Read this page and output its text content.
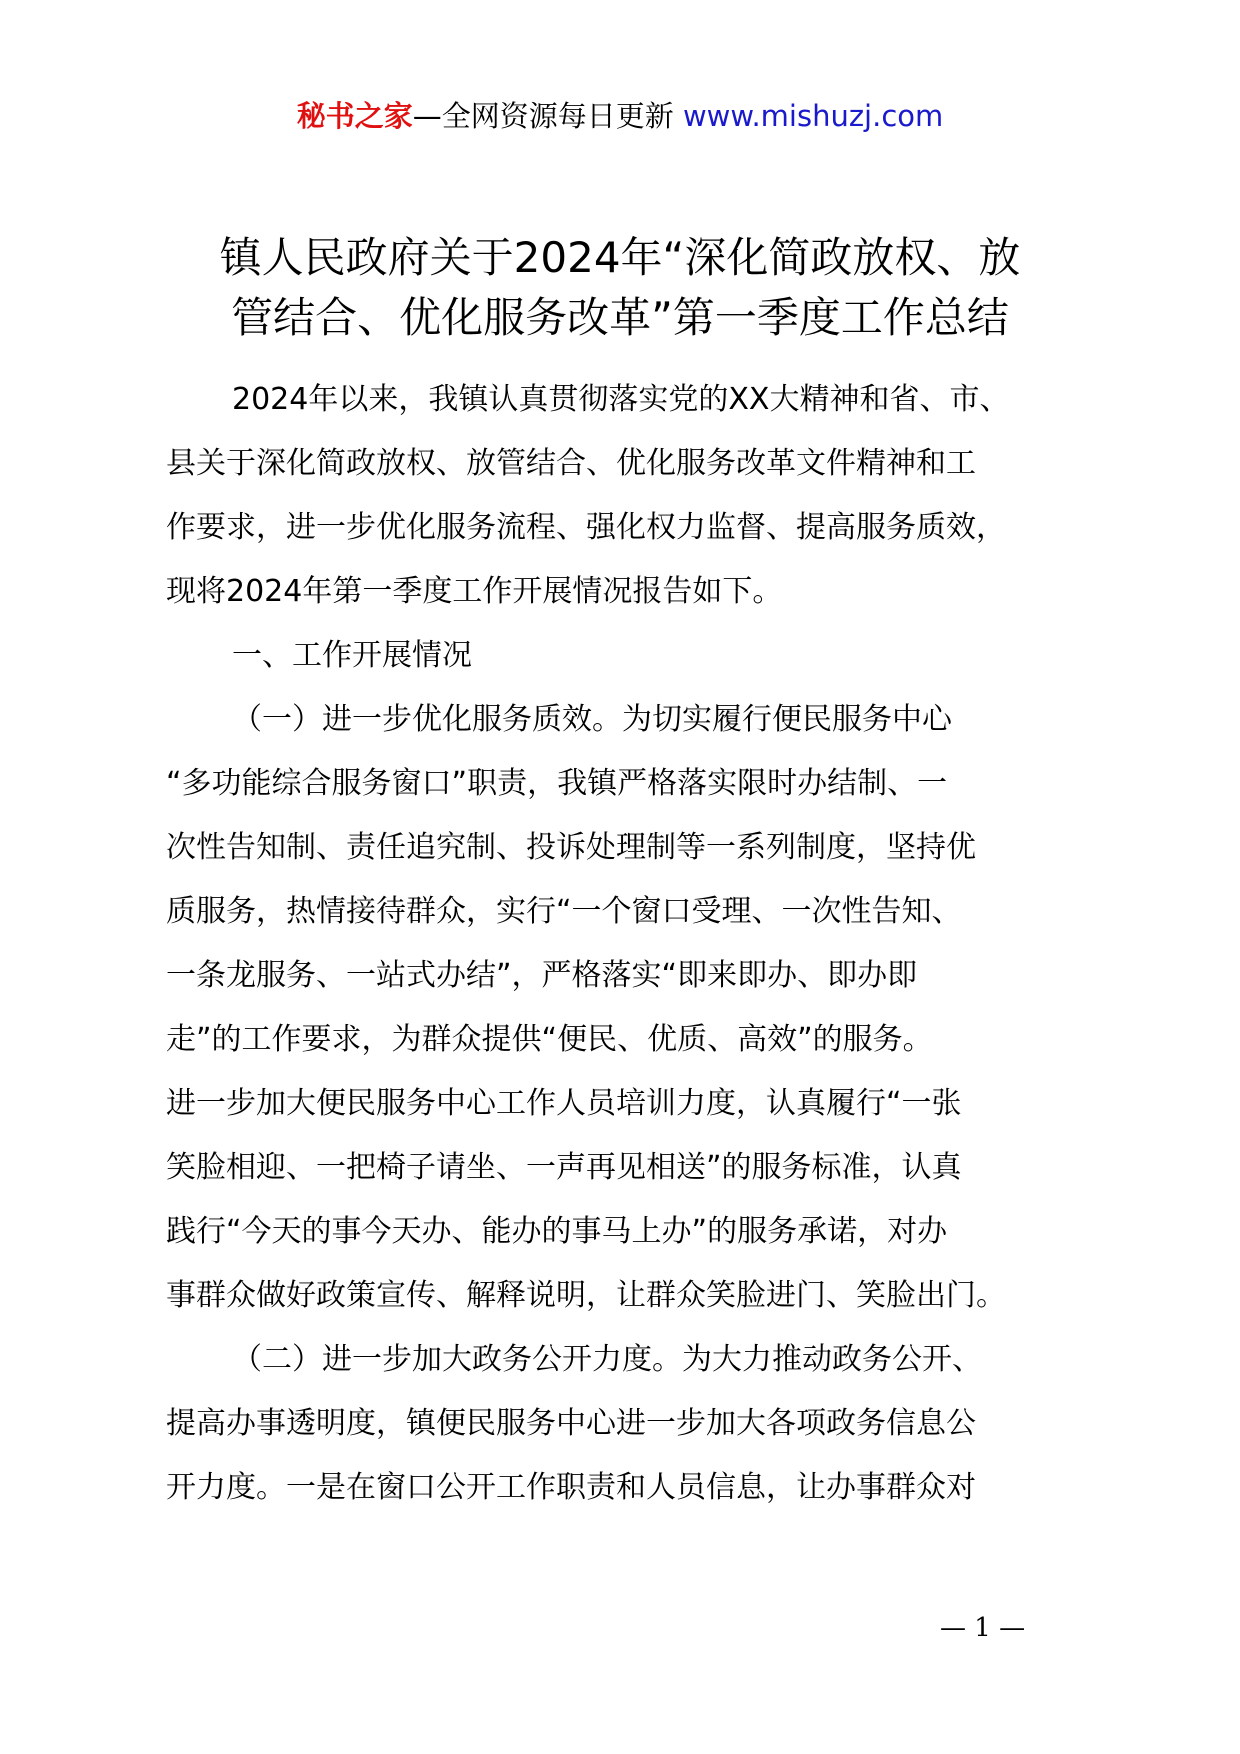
秘书之家—全网资源每日更新 www.mishuzj.com
镇人民政府关于2024年“深化简政放权、放
管结合、优化服务改革”第一季度工作总结
2024年以来，我镇认真贯彻落实党的XX大精神和省、市、
县关于深化简政放权、放管结合、优化服务改革文件精神和工
作要求，进一步优化服务流程、强化权力监督、提高服务质效，
现将2024年第一季度工作开展情况报告如下。
一、工作开展情况
（一）进一步优化服务质效。为切实履行便民服务中心
“多功能综合服务窗口”职责，我镇严格落实限时办结制、一
次性告知制、责任追究制、投诉处理制等一系列制度，坚持优
质服务，热情接待群众，实行“一个窗口受理、一次性告知、
一条龙服务、一站式办结”，严格落实“即来即办、即办即
走”的工作要求，为群众提供“便民、优质、高效”的服务。
进一步加大便民服务中心工作人员培训力度，认真履行“一张
笑脸相迎、一把椅子请坐、一声再见相送”的服务标准，认真
践行“今天的事今天办、能办的事马上办”的服务承诺，对办
事群众做好政策宣传、解释说明，让群众笑脸进门、笑脸出门。
（二）进一步加大政务公开力度。为大力推动政务公开、
提高办事透明度，镇便民服务中心进一步加大各项政务信息公
开力度。一是在窗口公开工作职责和人员信息，让办事群众对
— 1 —
